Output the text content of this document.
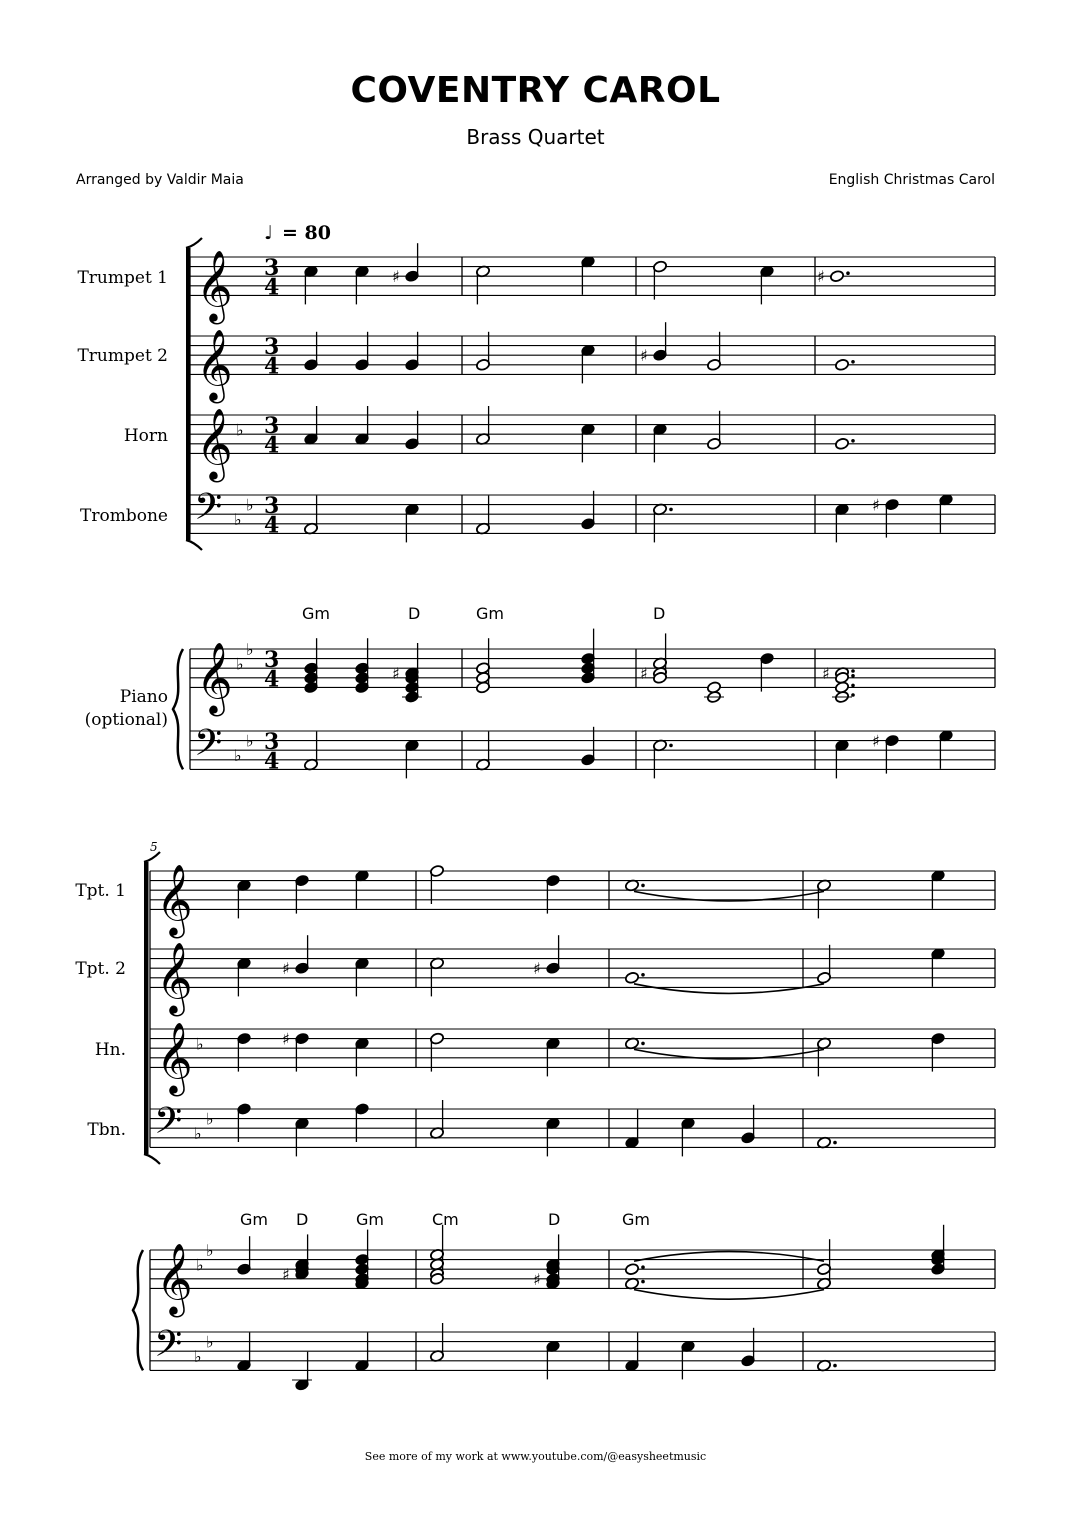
COVENTRY CAROL
Brass Quartet
Arranged by Valdir Maia	English Christmas Carol
See more of my work at www.youtube.com/@easysheetmusic
♩ = 80
Trumpet 1
Trumpet 2
Horn
Trombone
Piano
(optional)
Gm	D	Gm	D
5
Tpt. 1
Tpt. 2
Hn.
Tbn.
Gm D	Gm	Cm	D	Gm
𝄞 3
4
𝄞 3
4
𝄞 ♭ 3
4
𝄢 ♭
♭ 3
4
𝄞 ♭
♭ 3
4
𝄢 ♭
♭ 3
4
♯	♯
♯
♯
♯	♯	♯
♯
𝄞
𝄞
𝄞 ♭
𝄢 ♭
♭
𝄞 ♭
♭
𝄢 ♭
♭
♯	♯
♯
♯	♯
